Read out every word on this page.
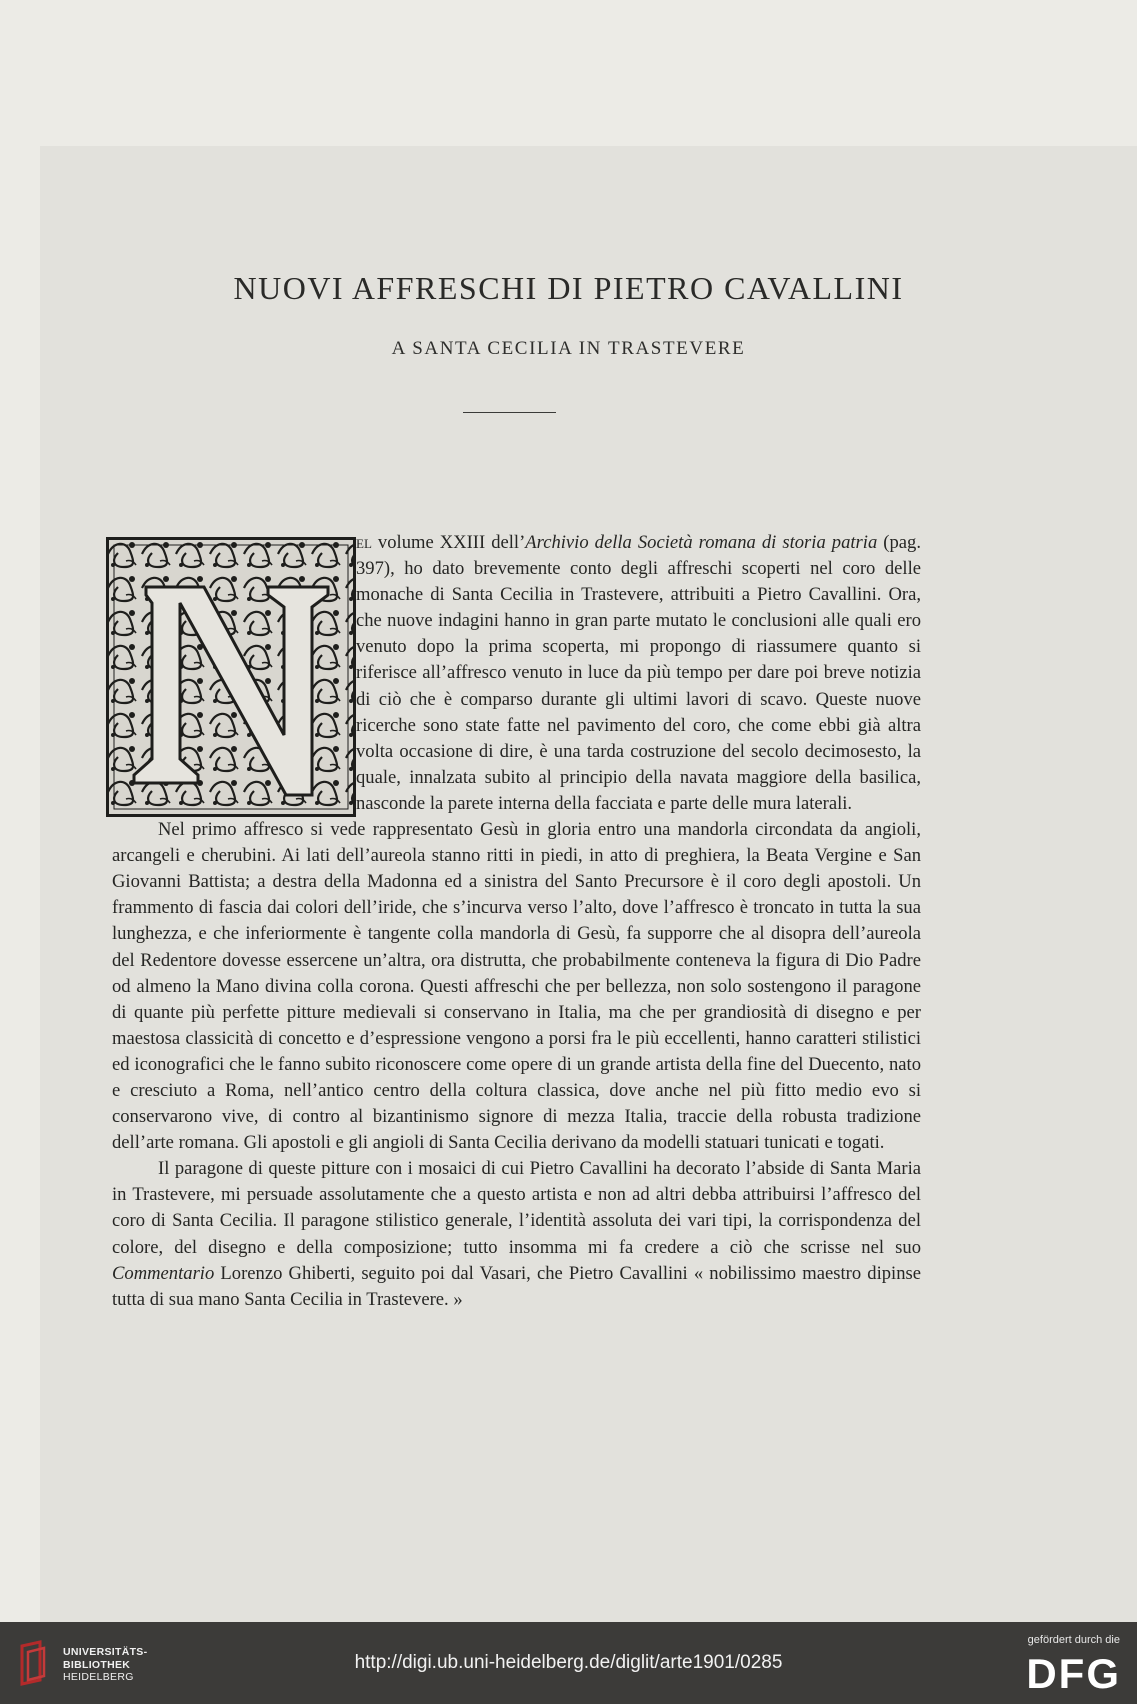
NUOVI AFFRESCHI DI PIETRO CAVALLINI
A SANTA CECILIA IN TRASTEVERE

el volume XXIII dell’Archivio della Società romana di storia patria (pag. 397), ho dato brevemente conto degli affreschi scoperti nel coro delle monache di Santa Cecilia in Trastevere, attribuiti a Pietro Cavallini. Ora, che nuove indagini hanno in gran parte mutato le conclusioni alle quali ero venuto dopo la prima scoperta, mi propongo di riassumere quanto si riferisce all’affresco venuto in luce da più tempo per dare poi breve notizia di ciò che è comparso durante gli ultimi lavori di scavo. Queste nuove ricerche sono state fatte nel pavimento del coro, che come ebbi già altra volta occasione di dire, è una tarda costruzione del secolo decimosesto, la quale, innalzata subito al principio della navata maggiore della basilica, nasconde la parete interna della facciata e parte delle mura laterali.

Nel primo affresco si vede rappresentato Gesù in gloria entro una mandorla circondata da angioli, arcangeli e cherubini. Ai lati dell’aureola stanno ritti in piedi, in atto di preghiera, la Beata Vergine e San Giovanni Battista; a destra della Madonna ed a sinistra del Santo Precursore è il coro degli apostoli. Un frammento di fascia dai colori dell’iride, che s’incurva verso l’alto, dove l’affresco è troncato in tutta la sua lunghezza, e che inferiormente è tangente colla mandorla di Gesù, fa supporre che al disopra dell’aureola del Redentore dovesse essercene un’altra, ora distrutta, che probabilmente conteneva la figura di Dio Padre od almeno la Mano divina colla corona. Questi affreschi che per bellezza, non solo sostengono il paragone di quante più perfette pitture medievali si conservano in Italia, ma che per grandiosità di disegno e per maestosa classicità di concetto e d’espressione vengono a porsi fra le più eccellenti, hanno caratteri stilistici ed iconografici che le fanno subito riconoscere come opere di un grande artista della fine del Duecento, nato e cresciuto a Roma, nell’antico centro della coltura classica, dove anche nel più fitto medio evo si conservarono vive, di contro al bizantinismo signore di mezza Italia, traccie della robusta tradizione dell’arte romana. Gli apostoli e gli angioli di Santa Cecilia derivano da modelli statuari tunicati e togati.

Il paragone di queste pitture con i mosaici di cui Pietro Cavallini ha decorato l’abside di Santa Maria in Trastevere, mi persuade assolutamente che a questo artista e non ad altri debba attribuirsi l’affresco del coro di Santa Cecilia. Il paragone stilistico generale, l’identità assoluta dei vari tipi, la corrispondenza del colore, del disegno e della composizione; tutto insomma mi fa credere a ciò che scrisse nel suo Commentario Lorenzo Ghiberti, seguito poi dal Vasari, che Pietro Cavallini « nobilissimo maestro dipinse tutta di sua mano Santa Cecilia in Trastevere. »

UNIVERSITÄTS-
BIBLIOTHEK
HEIDELBERG
http://digi.ub.uni-heidelberg.de/diglit/arte1901/0285
gefördert durch die
DFG
